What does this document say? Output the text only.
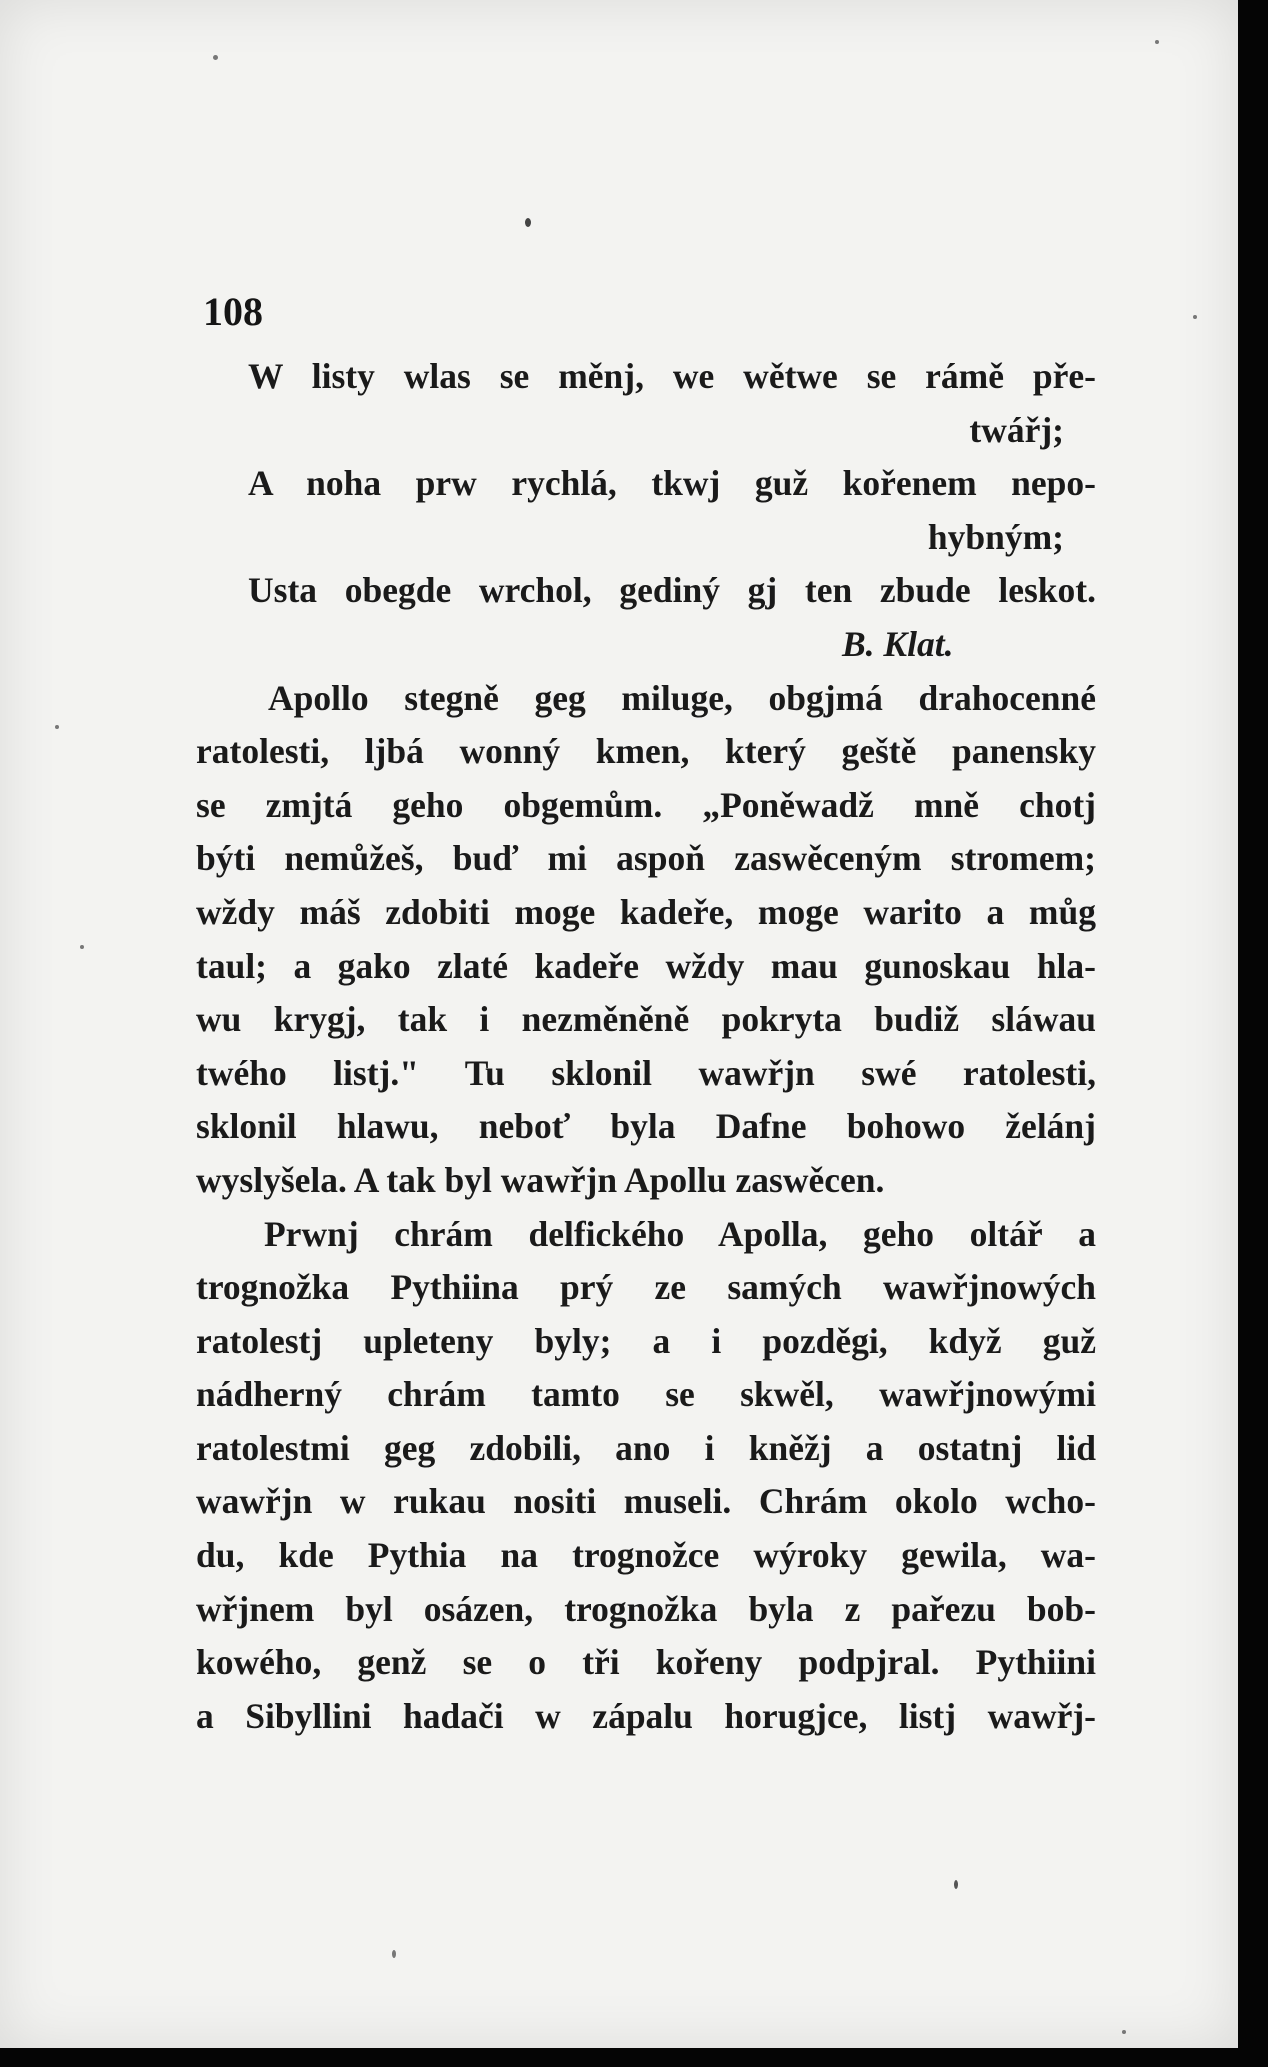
108
W listy wlas se měnj, we wětwe se rámě pře-
twářj;
A noha prw rychlá, tkwj guž kořenem nepo-
hybným;
Usta obegde wrchol, gediný gj ten zbude leskot.
B. Klat.
Apollo stegně geg miluge, obgjmá drahocenné
ratolesti, ljbá wonný kmen, který geště panensky
se zmjtá geho obgemům. „Poněwadž mně chotj
býti nemůžeš, buď mi aspoň zaswěceným stromem;
wždy máš zdobiti moge kadeře, moge warito a můg
taul; a gako zlaté kadeře wždy mau gunoskau hla-
wu krygj, tak i nezměněně pokryta budiž sláwau
twého listj." Tu sklonil wawřjn swé ratolesti,
sklonil hlawu, neboť byla Dafne bohowo želánj
wyslyšela. A tak byl wawřjn Apollu zaswěcen.
Prwnj chrám delfického Apolla, geho oltář a
trognožka Pythiina prý ze samých wawřjnowých
ratolestj upleteny byly; a i pozděgi, když guž
nádherný chrám tamto se skwěl, wawřjnowými
ratolestmi geg zdobili, ano i kněžj a ostatnj lid
wawřjn w rukau nositi museli. Chrám okolo wcho-
du, kde Pythia na trognožce wýroky gewila, wa-
wřjnem byl osázen, trognožka byla z pařezu bob-
kowého, genž se o tři kořeny podpjral. Pythiini
a Sibyllini hadači w zápalu horugjce, listj wawřj-
